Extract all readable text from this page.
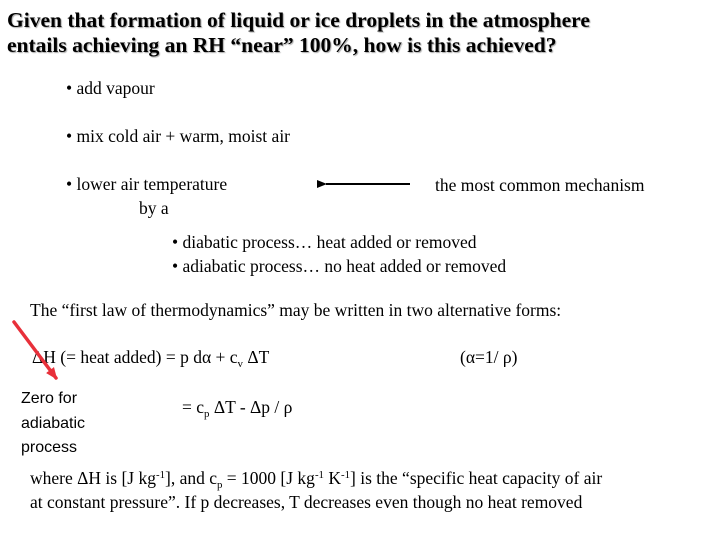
Given that formation of liquid or ice droplets in the atmosphere
entails achieving an RH “near” 100%, how is this achieved?
• add vapour
• mix cold air + warm, moist air
• lower air temperature
by a
the most common mechanism
• diabatic process… heat added or removed
• adiabatic process… no heat added or removed
The “first law of thermodynamics” may be written in two alternative forms:
ΔH (= heat added) = p $d\alpha + c_v$ ΔT	(α=1/ ρ)
Zero for
adiabatic
process
= $c_p$ ΔT - Δp / ρ
where ΔH is [J $kg^{-1}$], and $c_p = 1000$ [J $kg^{-1}$ $K^{-1}$] is the “specific heat capacity of air
at constant pressure”. If p decreases, T decreases even though no heat removed
